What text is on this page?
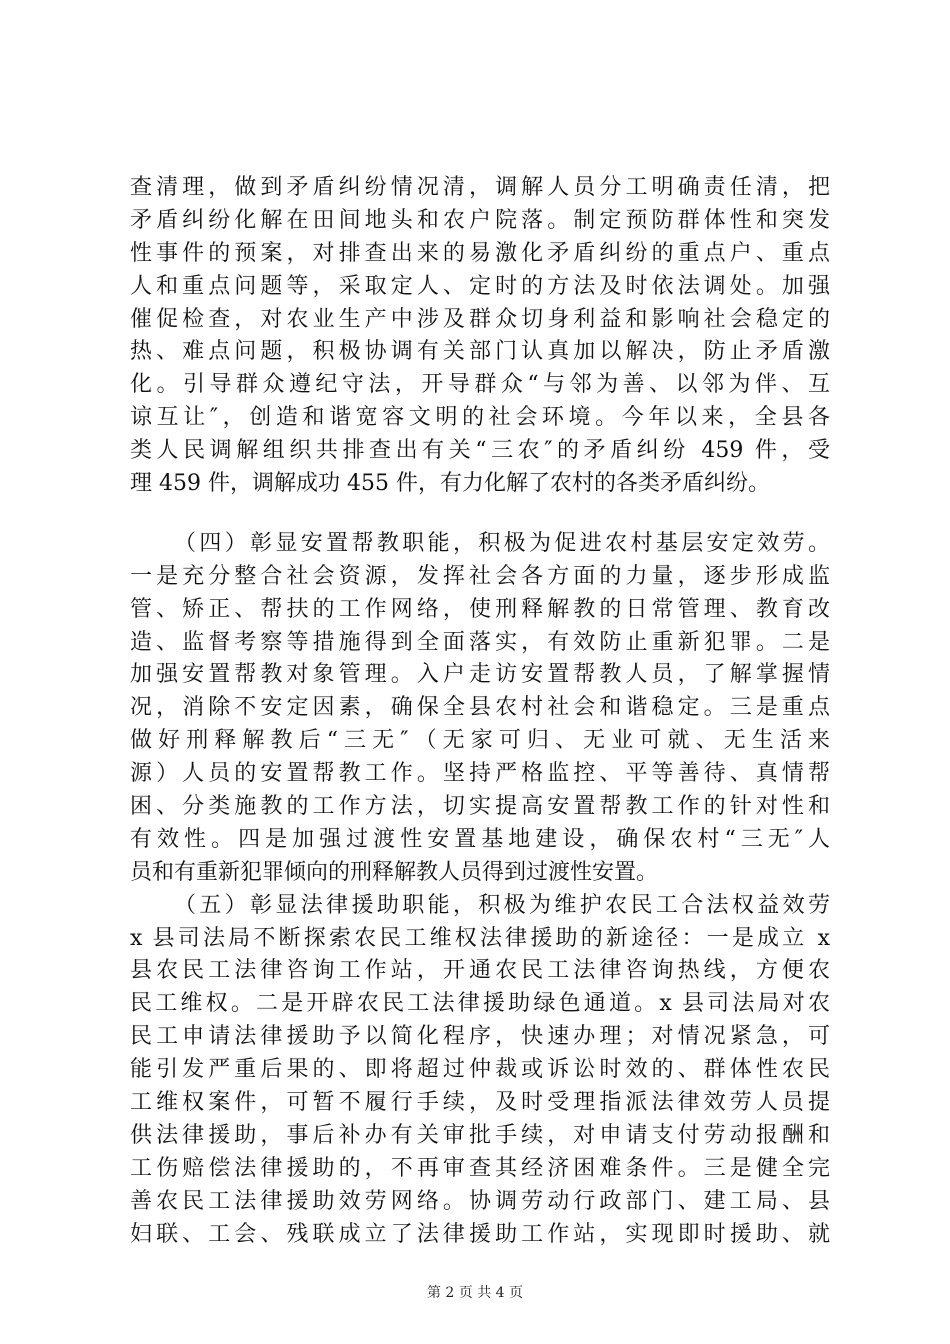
查清理，做到矛盾纠纷情况清，调解人员分工明确责任清，把
矛盾纠纷化解在田间地头和农户院落。制定预防群体性和突发
性事件的预案，对排查出来的易激化矛盾纠纷的重点户、重点
人和重点问题等，采取定人、定时的方法及时依法调处。加强
催促检查，对农业生产中涉及群众切身利益和影响社会稳定的
热、难点问题，积极协调有关部门认真加以解决，防止矛盾激
化。引导群众遵纪守法，开导群众“与邻为善、以邻为伴、互
谅互让″，创造和谐宽容文明的社会环境。今年以来，全县各
类人民调解组织共排查出有关“三农″的矛盾纠纷 459 件，受
理 459 件，调解成功 455 件，有力化解了农村的各类矛盾纠纷。
（四）彰显安置帮教职能，积极为促进农村基层安定效劳。
一是充分整合社会资源，发挥社会各方面的力量，逐步形成监
管、矫正、帮扶的工作网络，使刑释解教的日常管理、教育改
造、监督考察等措施得到全面落实，有效防止重新犯罪。二是
加强安置帮教对象管理。入户走访安置帮教人员，了解掌握情
况，消除不安定因素，确保全县农村社会和谐稳定。三是重点
做好刑释解教后“三无″（无家可归、无业可就、无生活来
源）人员的安置帮教工作。坚持严格监控、平等善待、真情帮
困、分类施教的工作方法，切实提高安置帮教工作的针对性和
有效性。四是加强过渡性安置基地建设，确保农村“三无″人
员和有重新犯罪倾向的刑释解教人员得到过渡性安置。
（五）彰显法律援助职能，积极为维护农民工合法权益效劳
x 县司法局不断探索农民工维权法律援助的新途径：一是成立 x
县农民工法律咨询工作站，开通农民工法律咨询热线，方便农
民工维权。二是开辟农民工法律援助绿色通道。x 县司法局对农
民工申请法律援助予以简化程序，快速办理；对情况紧急，可
能引发严重后果的、即将超过仲裁或诉讼时效的、群体性农民
工维权案件，可暂不履行手续，及时受理指派法律效劳人员提
供法律援助，事后补办有关审批手续，对申请支付劳动报酬和
工伤赔偿法律援助的，不再审查其经济困难条件。三是健全完
善农民工法律援助效劳网络。协调劳动行政部门、建工局、县
妇联、工会、残联成立了法律援助工作站，实现即时援助、就
第 2 页 共 4 页
